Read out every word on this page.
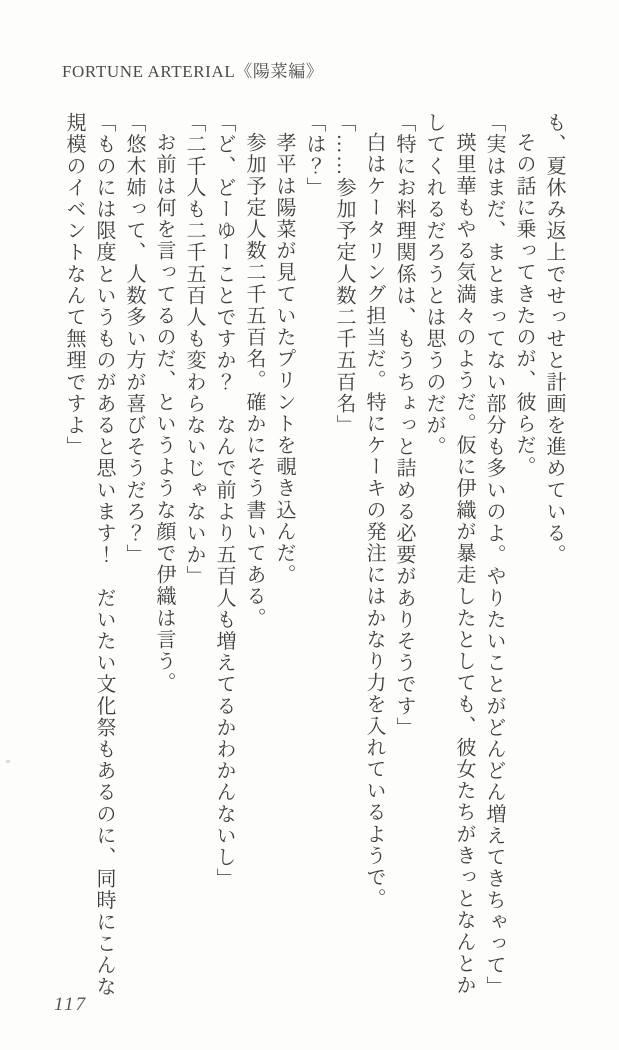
FORTUNE ARTERIAL《陽菜編》

も、夏休み返上でせっせと計画を進めている。

その話に乗ってきたのが、彼らだ。

「実はまだ、まとまってない部分も多いのよ。やりたいことがどんどん増えてきちゃって」

瑛里華もやる気満々のようだ。仮に伊織が暴走したとしても、彼女たちがきっとなんとかしてくれるだろうとは思うのだが。

「特にお料理関係は、もうちょっと詰める必要がありそうです」

白はケータリング担当だ。特にケーキの発注にはかなり力を入れているようで。

「……参加予定人数二千五百名」

「は？」

孝平は陽菜が見ていたプリントを覗き込んだ。

参加予定人数二千五百名。確かにそう書いてある。

「ど、どーゆーことですか？　なんで前より五百人も増えてるかわかんないし」

「二千人も二千五百人も変わらないじゃないか」

お前は何を言ってるのだ、というような顔で伊織は言う。

「悠木姉って、人数多い方が喜びそうだろ？」

「ものには限度というものがあると思います！　だいたい文化祭もあるのに、同時にこんな規模のイベントなんて無理ですよ」

117
